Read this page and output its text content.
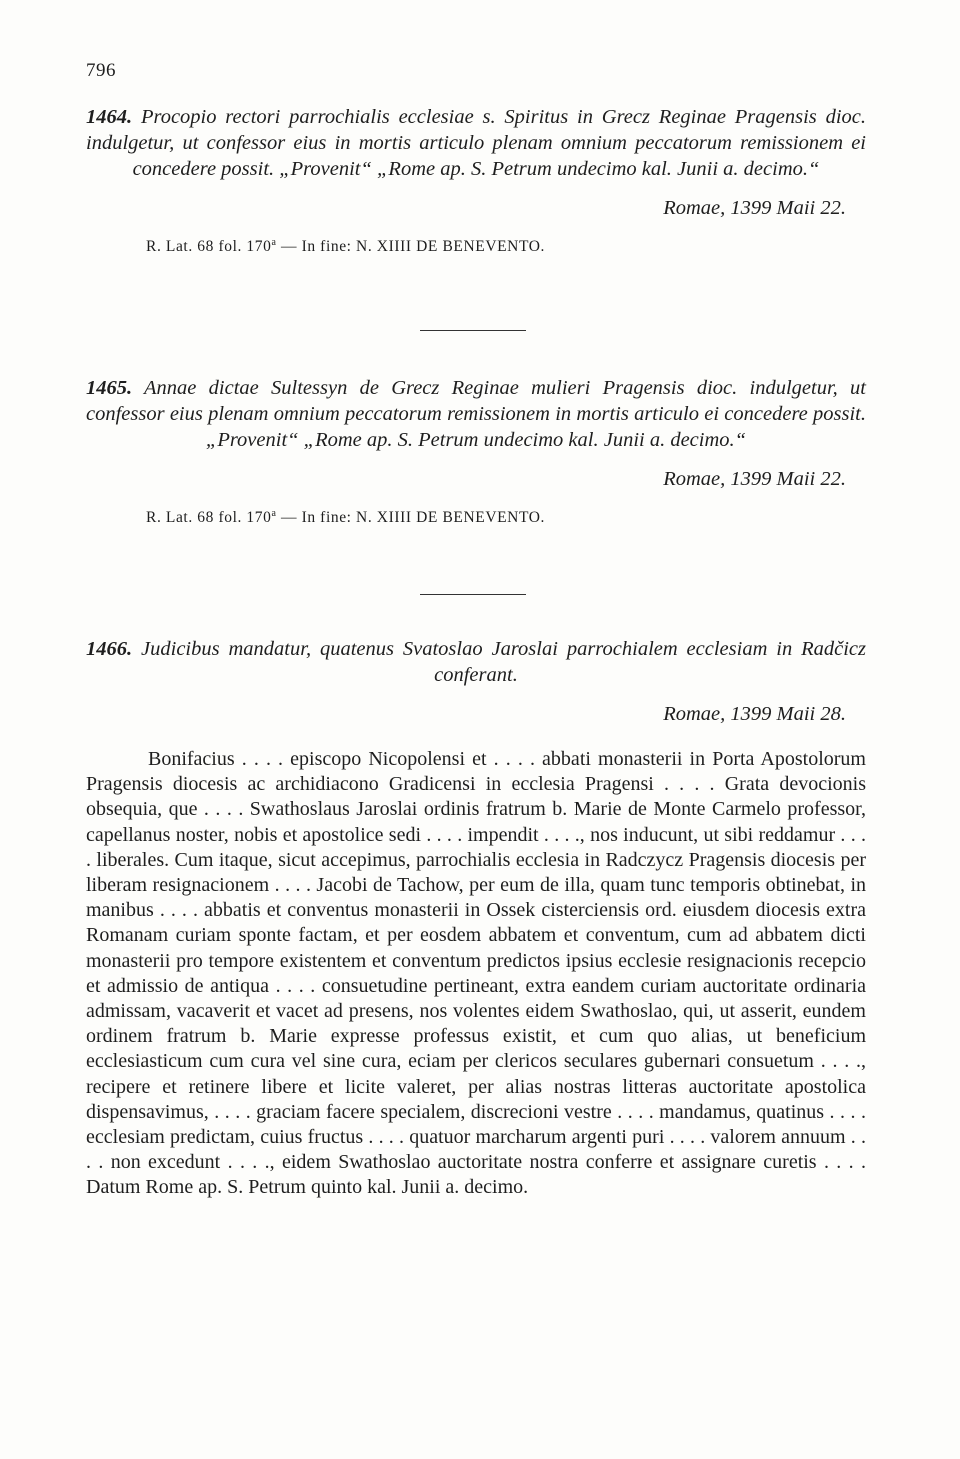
796
1464. Procopio rectori parrochialis ecclesiae s. Spiritus in Grecz Reginae Pragensis dioc. indulgetur, ut confessor eius in mortis articulo plenam omnium peccatorum remissionem ei concedere possit. „Provenit“ „Rome ap. S. Petrum undecimo kal. Junii a. decimo.“
Romae, 1399 Maii 22.
R. Lat. 68 fol. 170$^a$ — In fine: N. XIIII DE BENEVENTO.
1465. Annae dictae Sultessyn de Grecz Reginae mulieri Pragensis dioc. indulgetur, ut confessor eius plenam omnium peccatorum remissionem in mortis articulo ei concedere possit. „Provenit“ „Rome ap. S. Petrum undecimo kal. Junii a. decimo.“
Romae, 1399 Maii 22.
R. Lat. 68 fol. 170$^a$ — In fine: N. XIIII DE BENEVENTO.
1466. Judicibus mandatur, quatenus Svatoslao Jaroslai parrochialem ecclesiam in Radčicz conferant.
Romae, 1399 Maii 28.
Bonifacius . . . . episcopo Nicopolensi et . . . . abbati monasterii in Porta Apostolorum Pragensis diocesis ac archidiacono Gradicensi in ecclesia Pragensi . . . . Grata devocionis obsequia, que . . . . Swathoslaus Jaroslai ordinis fratrum b. Marie de Monte Carmelo professor, capellanus noster, nobis et apostolice sedi . . . . impendit . . . ., nos inducunt, ut sibi reddamur . . . . liberales. Cum itaque, sicut accepimus, parrochialis ecclesia in Radczycz Pragensis diocesis per liberam resignacionem . . . . Jacobi de Tachow, per eum de illa, quam tunc temporis obtinebat, in manibus . . . . abbatis et conventus monasterii in Ossek cisterciensis ord. eiusdem diocesis extra Romanam curiam sponte factam, et per eosdem abbatem et conventum, cum ad abbatem dicti monasterii pro tempore existentem et conventum predictos ipsius ecclesie resignacionis recepcio et admissio de antiqua . . . . consuetudine pertineant, extra eandem curiam auctoritate ordinaria admissam, vacaverit et vacet ad presens, nos volentes eidem Swathoslao, qui, ut asserit, eundem ordinem fratrum b. Marie expresse professus existit, et cum quo alias, ut beneficium ecclesiasticum cum cura vel sine cura, eciam per clericos seculares gubernari consuetum . . . ., recipere et retinere libere et licite valeret, per alias nostras litteras auctoritate apostolica dispensavimus, . . . . graciam facere specialem, discrecioni vestre . . . . mandamus, quatinus . . . . ecclesiam predictam, cuius fructus . . . . quatuor marcharum argenti puri . . . . valorem annuum . . . . non excedunt . . . ., eidem Swathoslao auctoritate nostra conferre et assignare curetis . . . . Datum Rome ap. S. Petrum quinto kal. Junii a. decimo.
